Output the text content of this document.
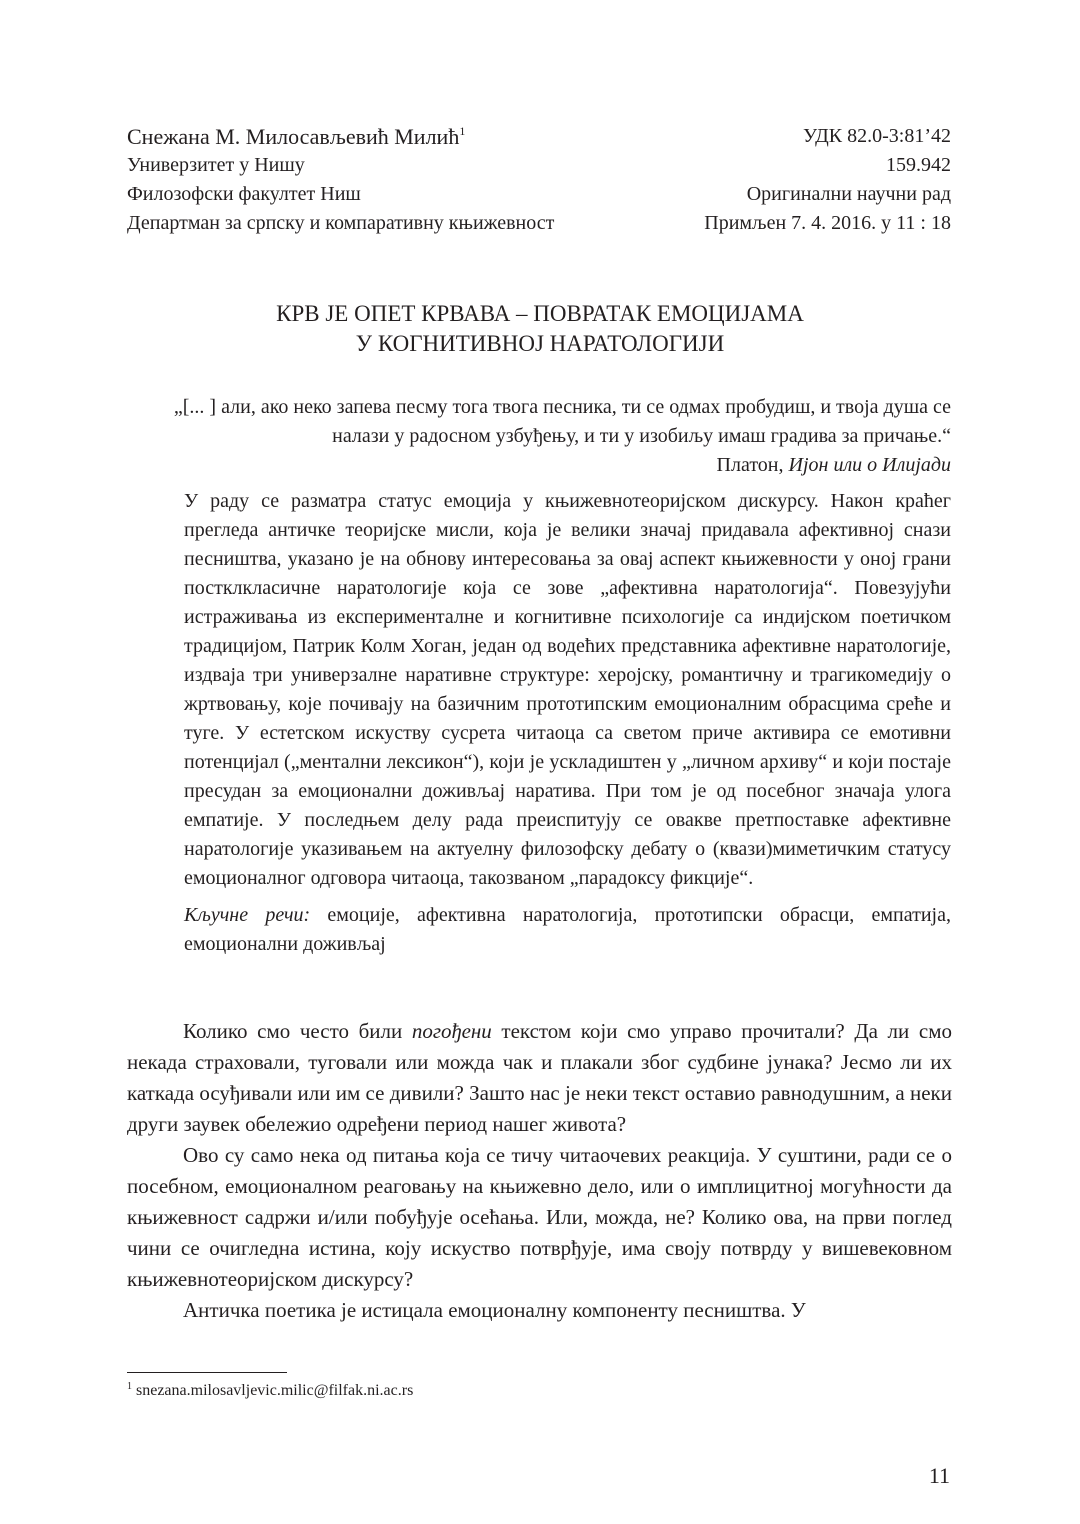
Снежана М. Милосављевић Милић$^1$
Универзитет у Нишу
Филозофски факултет Ниш
Департман за српску и компаративну књижевност
УДК 82.0-3:81’42
159.942
Оригинални научни рад
Примљен 7. 4. 2016. у 11 : 18
КРВ ЈЕ ОПЕТ КРВАВА – ПОВРАТАК ЕМОЦИЈАМА
У КОГНИТИВНОЈ НАРАТОЛОГИЈИ
„[... ] али, ако неко запева песму тога твога песника, ти се одмах пробудиш, и твоја душа се налази у радосном узбуђењу, и ти у изобиљу имаш градива за причање.“
Платон, Ијон или о Илијади

У раду се разматра статус емоција у књижевнотеоријском дискурсу. Након краћег прегледа античке теоријске мисли, која је велики значај придавала афективној снази песништва, указано је на обнову интересовања за овај аспект књижевности у оној грани постклкласичне наратологије која се зове „афективна наратологија“. Повезујући истраживања из експерименталне и когнитивне психологије са индијском поетичком традицијом, Патрик Колм Хоган, један од водећих представника афективне наратологије, издваја три универзалне наративне структуре: херојску, романтичну и трагикомедију о жртвовању, које почивају на базичним прототипским емоционалним обрасцима среће и туге. У естетском искуству сусрета читаоца са светом приче активира се емотивни потенцијал („ментални лексикон“), који је ускладиштен у „личном архиву“ и који постаје пресудан за емоционални доживљај наратива. При том је од посебног значаја улога емпатије. У последњем делу рада преиспитују се овакве претпоставке афективне наратологије указивањем на актуелну филозофску дебату о (квази)миметичким статусу емоционалног одговора читаоца, такозваном „парадоксу фикције“.

Кључне речи: емоције, афективна наратологија, прототипски обрасци, емпатија, емоционални доживљај

Колико смо често били погођени текстом који смо управо прочитали? Да ли смо некада страховали, туговали или можда чак и плакали због судбине јунака? Јесмо ли их каткада осуђивали или им се дивили? Зашто нас је неки текст оставио равнодушним, а неки други заувек обележио одређени период нашег живота?

Ово су само нека од питања која се тичу читаочевих реакција. У суштини, ради се о посебном, емоционалном реаговању на књижевно дело, или о имплицитној могућности да књижевност садржи и/или побуђује осећања. Или, можда, не? Колико ова, на први поглед чини се очигледна истина, коју искуство потврђује, има своју потврду у вишевековном књижевнотеоријском дискурсу?

Античка поетика је истицала емоционалну компоненту песништва. У

$^1$ snezana.milosavljevic.milic@filfak.ni.ac.rs
11
